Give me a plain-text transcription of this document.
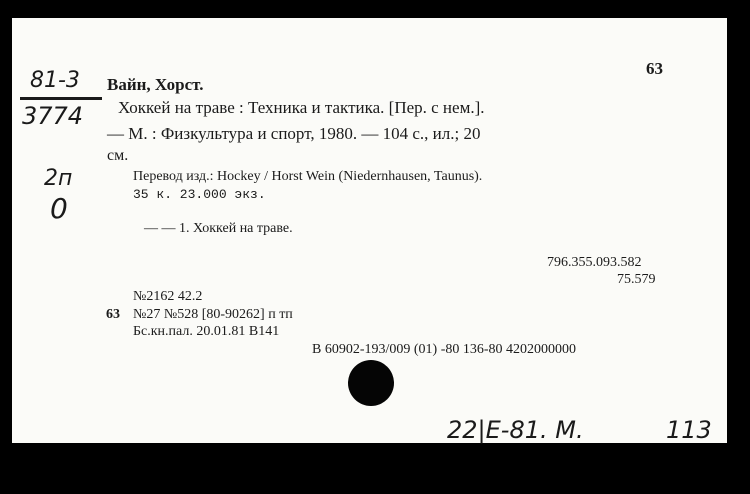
81-3
3774
2п
0
63
Вайн, Хорст.
Хоккей на траве : Техника и тактика. [Пер. с нем.].
— М. : Физкультура и спорт, 1980. — 104 с., ил.; 20
см.
Перевод изд.: Hockey / Horst Wein (Niedernhausen, Taunus).
35 к. 23.000 экз.
— — 1. Хоккей на траве.
796.355.093.582
75.579
№2162 42.2
63 №27 №528 [80-90262] п тп
Бс.кн.пал. 20.01.81 В141
В 60902-193/009 (01) -80 136-80 4202000000
22|Е-81. М.	113
